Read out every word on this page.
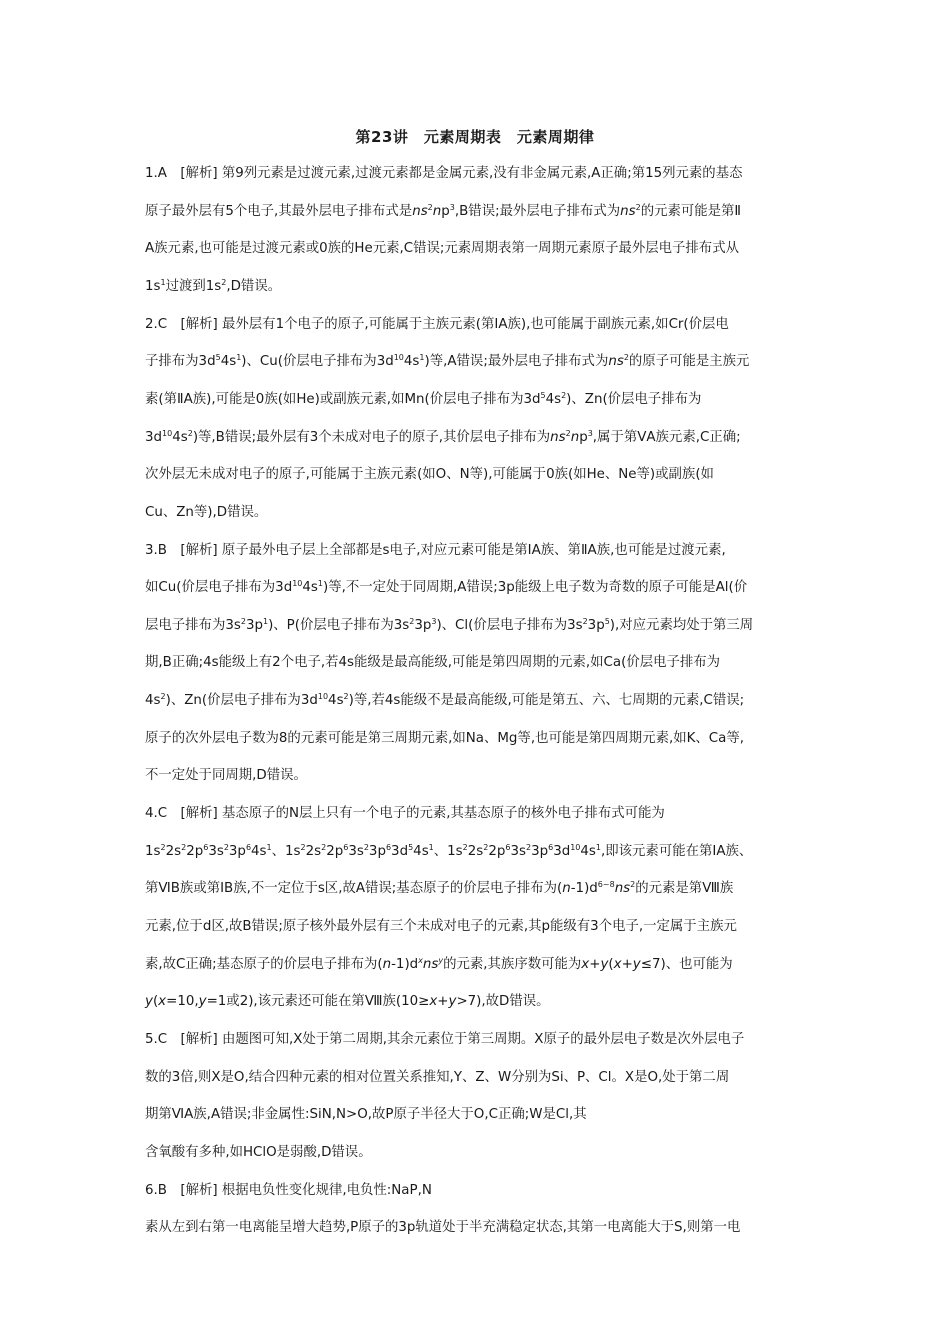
第23讲　元素周期表　元素周期律
1.A　[解析] 第9列元素是过渡元素,过渡元素都是金属元素,没有非金属元素,A正确;第15列元素的基态
原子最外层有5个电子,其最外层电子排布式是$ns^2np^3,B$错误;最外层电子排布式为$ns^2$的元素可能是第Ⅱ
A族元素,也可能是过渡元素或0族的He元素,C错误;元素周期表第一周期元素原子最外层电子排布式从
$1s^1$过渡到$1s^2,D$错误。
2.C　[解析] 最外层有1个电子的原子,可能属于主族元素(第ⅠA族),也可能属于副族元素,如Cr(价层电
子排布为$3d^54s^1$)、Cu(价层电子排布为$3d^{10}4s^1$)等,A错误;最外层电子排布式为$ns^2$的原子可能是主族元
素(第ⅡA族),可能是0族(如He)或副族元素,如Mn(价层电子排布为$3d^54s^2$)、Zn(价层电子排布为
$3d^{10}4s^2$)等,B错误;最外层有3个未成对电子的原子,其价层电子排布为$ns^2np^3$,属于第ⅤA族元素,C正确;
次外层无未成对电子的原子,可能属于主族元素(如O、N等),可能属于0族(如He、Ne等)或副族(如
Cu、Zn等),D错误。
3.B　[解析] 原子最外电子层上全部都是s电子,对应元素可能是第ⅠA族、第ⅡA族,也可能是过渡元素,
如Cu(价层电子排布为$3d^{10}4s^1$)等,不一定处于同周期,A错误;3p能级上电子数为奇数的原子可能是Al(价
层电子排布为$3s^23p^1$)、P(价层电子排布为$3s^23p^3$)、Cl(价层电子排布为$3s^23p^5$),对应元素均处于第三周
期,B正确;4s能级上有2个电子,若4s能级是最高能级,可能是第四周期的元素,如Ca(价层电子排布为
$4s^2$)、Zn(价层电子排布为$3d^{10}4s^2$)等,若4s能级不是最高能级,可能是第五、六、七周期的元素,C错误;
原子的次外层电子数为8的元素可能是第三周期元素,如Na、Mg等,也可能是第四周期元素,如K、Ca等,
不一定处于同周期,D错误。
4.C　[解析] 基态原子的N层上只有一个电子的元素,其基态原子的核外电子排布式可能为
$1s^22s^22p^63s^23p^64s^1$、$1s^22s^22p^63s^23p^63d^54s^1$、$1s^22s^22p^63s^23p^63d^{10}4s^1$,即该元素可能在第ⅠA族、
第ⅥB族或第ⅠB族,不一定位于s区,故A错误;基态原子的价层电子排布为$(n-1)d^{6\sim 8}ns^2$的元素是第Ⅷ族
元素,位于d区,故B错误;原子核外最外层有三个未成对电子的元素,其p能级有3个电子,一定属于主族元
素,故C正确;基态原子的价层电子排布为$(n-1)d^xns^y$的元素,其族序数可能为x+y(x+y≤7)、也可能为
y(x=10,y=1或2),该元素还可能在第Ⅷ族(10≥x+y>7),故D错误。
5.C　[解析] 由题图可知,X处于第二周期,其余元素位于第三周期。X原子的最外层电子数是次外层电子
数的3倍,则X是O,结合四种元素的相对位置关系推知,Y、Z、W分别为Si、P、Cl。X是O,处于第二周
期第ⅥA族,A错误;非金属性:SiN,N>O,故P原子半径大于O,C正确;W是Cl,其
含氧酸有多种,如HClO是弱酸,D错误。
6.B　[解析] 根据电负性变化规律,电负性:NaP,N
素从左到右第一电离能呈增大趋势,P原子的3p轨道处于半充满稳定状态,其第一电离能大于S,则第一电
